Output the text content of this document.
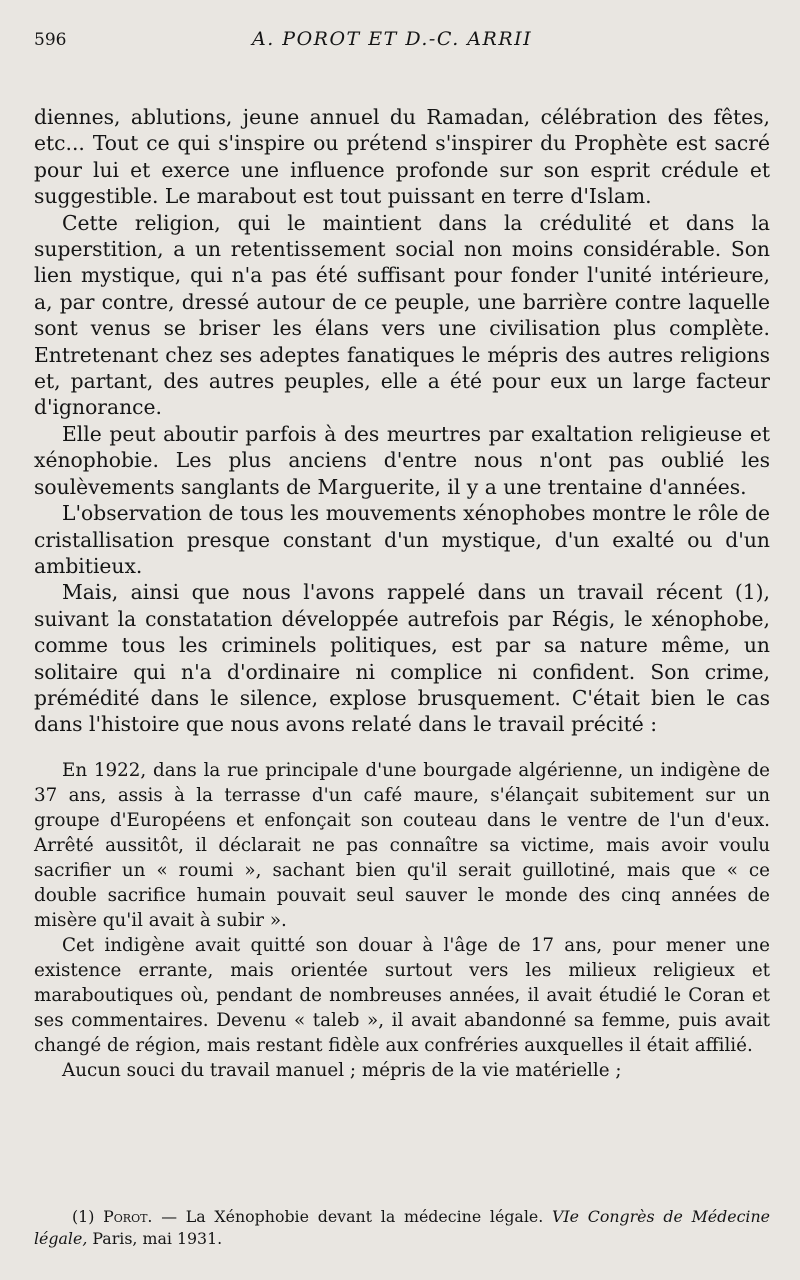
596	A. POROT ET D.-C. ARRII

diennes, ablutions, jeune annuel du Ramadan, célébration des fêtes, etc... Tout ce qui s'inspire ou prétend s'inspirer du Prophète est sacré pour lui et exerce une influence profonde sur son esprit crédule et suggestible. Le marabout est tout puissant en terre d'Islam.

Cette religion, qui le maintient dans la crédulité et dans la superstition, a un retentissement social non moins considérable. Son lien mystique, qui n'a pas été suffisant pour fonder l'unité intérieure, a, par contre, dressé autour de ce peuple, une barrière contre laquelle sont venus se briser les élans vers une civilisation plus complète. Entretenant chez ses adeptes fanatiques le mépris des autres religions et, partant, des autres peuples, elle a été pour eux un large facteur d'ignorance.

Elle peut aboutir parfois à des meurtres par exaltation religieuse et xénophobie. Les plus anciens d'entre nous n'ont pas oublié les soulèvements sanglants de Marguerite, il y a une trentaine d'années.

L'observation de tous les mouvements xénophobes montre le rôle de cristallisation presque constant d'un mystique, d'un exalté ou d'un ambitieux.

Mais, ainsi que nous l'avons rappelé dans un travail récent (1), suivant la constatation développée autrefois par Régis, le xénophobe, comme tous les criminels politiques, est par sa nature même, un solitaire qui n'a d'ordinaire ni complice ni confident. Son crime, prémédité dans le silence, explose brusquement. C'était bien le cas dans l'histoire que nous avons relaté dans le travail précité :

En 1922, dans la rue principale d'une bourgade algérienne, un indigène de 37 ans, assis à la terrasse d'un café maure, s'élançait subitement sur un groupe d'Européens et enfonçait son couteau dans le ventre de l'un d'eux. Arrêté aussitôt, il déclarait ne pas connaître sa victime, mais avoir voulu sacrifier un « roumi », sachant bien qu'il serait guillotiné, mais que « ce double sacrifice humain pouvait seul sauver le monde des cinq années de misère qu'il avait à subir ».

Cet indigène avait quitté son douar à l'âge de 17 ans, pour mener une existence errante, mais orientée surtout vers les milieux religieux et maraboutiques où, pendant de nombreuses années, il avait étudié le Coran et ses commentaires. Devenu « taleb », il avait abandonné sa femme, puis avait changé de région, mais restant fidèle aux confréries auxquelles il était affilié.

Aucun souci du travail manuel ; mépris de la vie matérielle ;

(1) Porot. — La Xénophobie devant la médecine légale. VIe Congrès de Médecine légale, Paris, mai 1931.
